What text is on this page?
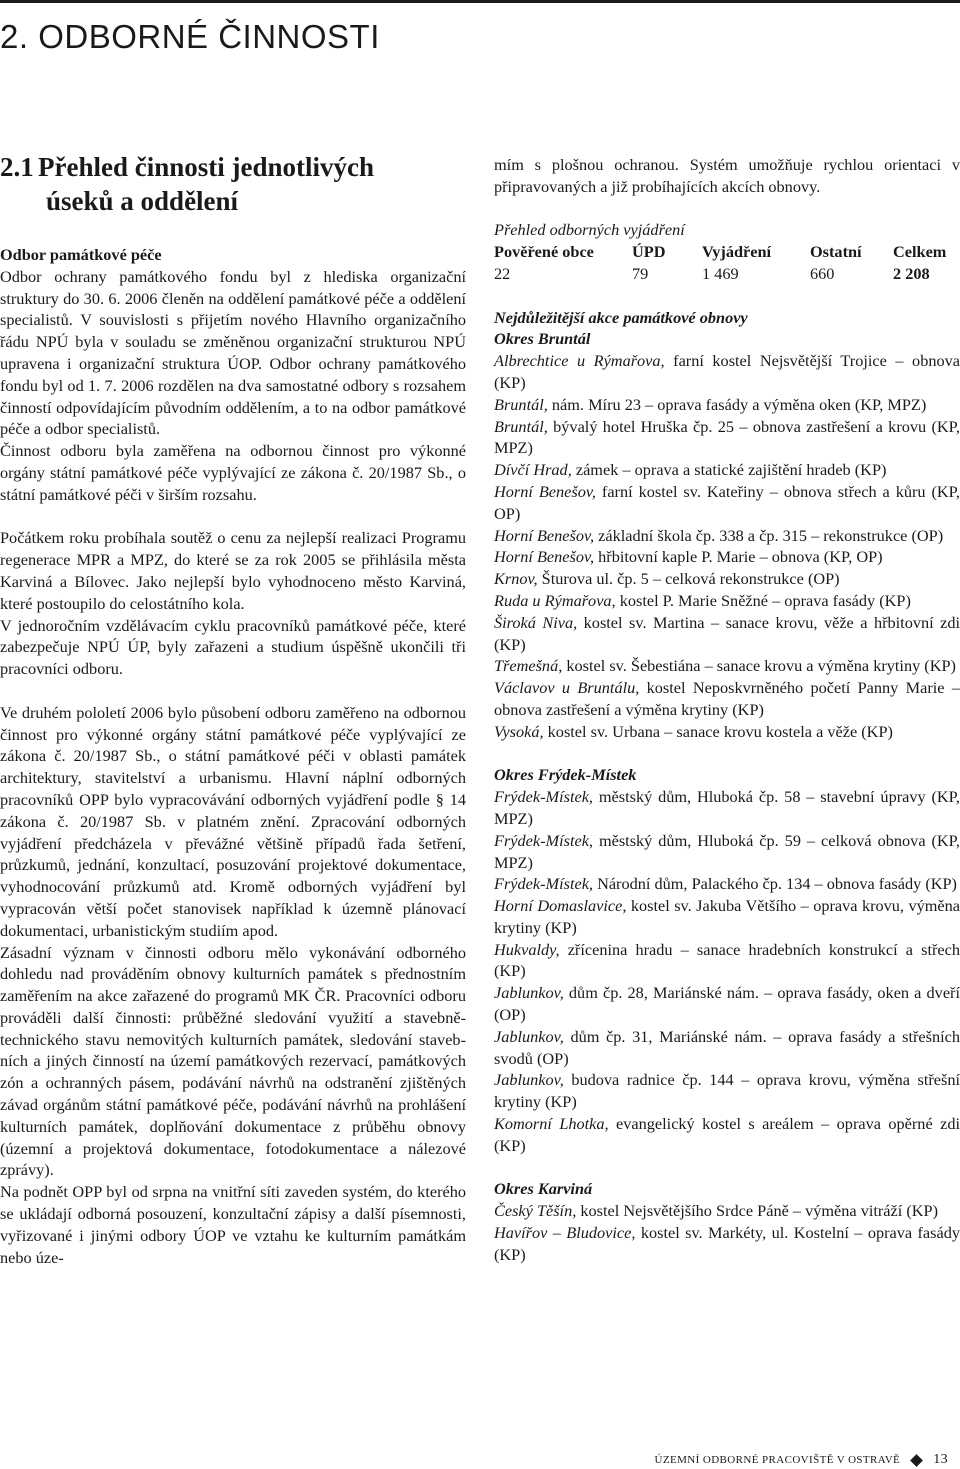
2. ODBORNÉ ČINNOSTI
2.1 Přehled činnosti jednotlivých
úseků a oddělení

Odbor památkové péče

Odbor ochrany památkového fondu byl z hlediska organizační struktury do 30. 6. 2006 členěn na oddělení památkové péče a oddělení specialistů. V souvislosti s přijetím nového Hlavního organizačního řádu NPÚ byla v souladu se změněnou organizační strukturou NPÚ upravena i organizační struktura ÚOP. Odbor ochrany památkového fondu byl od 1. 7. 2006 rozdělen na dva samostatné odbory s rozsahem činností odpovídajícím původním oddělením, a to na odbor památkové péče a odbor specialistů.

Činnost odboru byla zaměřena na odbornou činnost pro výkonné orgány státní památkové péče vyplývající ze zákona č. 20/1987 Sb., o státní památkové péči v širším rozsahu.

Počátkem roku probíhala soutěž o cenu za nejlepší realizaci Programu regenerace MPR a MPZ, do které se za rok 2005 se přihlásila města Karviná a Bílovec. Jako nejlepší bylo vyhodnoceno město Karviná, které postoupilo do celostátního kola.

V jednoročním vzdělávacím cyklu pracovníků památkové péče, které zabezpečuje NPÚ ÚP, byly zařazeni a studium úspěšně ukončili tři pracovníci odboru.

Ve druhém pololetí 2006 bylo působení odboru zaměřeno na odbornou činnost pro výkonné orgány státní památkové péče vyplývající ze zákona č. 20/1987 Sb., o státní památkové péči v oblasti památek architektury, stavitelství a urbanismu. Hlavní náplní odborných pracovníků OPP bylo vypracovávání odborných vyjádření podle § 14 zákona č. 20/1987 Sb. v platném znění. Zpracování odborných vyjádření předcházela v převážné většině případů řada šetření, průzkumů, jednání, konzultací, posuzování projektové dokumentace, vyhodnocování průzkumů atd. Kromě odborných vyjádření byl vypracován větší počet stanovisek například k územně plánovací dokumentaci, urbanistickým studiím apod.

Zásadní význam v činnosti odboru mělo vykonávání odborného dohledu nad prováděním obnovy kulturních památek s přednostním zaměřením na akce zařazené do programů MK ČR. Pracovníci odboru prováděli další činnosti: průběžné sledování využití a stavebně-technického stavu nemovitých kulturních památek, sledování stavebních a jiných činností na území památkových rezervací, památkových zón a ochranných pásem, podávání návrhů na odstranění zjištěných závad orgánům státní památkové péče, podávání návrhů na prohlášení kulturních památek, doplňování dokumentace z průběhu obnovy (územní a projektová dokumentace, fotodokumentace a nálezové zprávy).

Na podnět OPP byl od srpna na vnitřní síti zaveden systém, do kterého se ukládají odborná posouzení, konzultační zápisy a další písemnosti, vyřizované i jinými odbory ÚOP ve vztahu ke kulturním památkám nebo úze-

mím s plošnou ochranou. Systém umožňuje rychlou orientaci v připravovaných a již probíhajících akcích obnovy.

Přehled odborných vyjádření
Pověřené obce	ÚPD	Vyjádření	Ostatní	Celkem
22	79	1 469	660	2 208
Nejdůležitější akce památkové obnovy
Okres Bruntál
Albrechtice u Rýmařova, farní kostel Nejsvětější Trojice – obnova (KP)
Bruntál, nám. Míru 23 – oprava fasády a výměna oken (KP, MPZ)
Bruntál, bývalý hotel Hruška čp. 25 – obnova zastřešení a krovu (KP, MPZ)
Dívčí Hrad, zámek – oprava a statické zajištění hradeb (KP)
Horní Benešov, farní kostel sv. Kateřiny – obnova střech a kůru (KP, OP)
Horní Benešov, základní škola čp. 338 a čp. 315 – rekonstrukce (OP)
Horní Benešov, hřbitovní kaple P. Marie – obnova (KP, OP)
Krnov, Šturova ul. čp. 5 – celková rekonstrukce (OP)
Ruda u Rýmařova, kostel P. Marie Sněžné – oprava fasády (KP)
Široká Niva, kostel sv. Martina – sanace krovu, věže a hřbitovní zdi (KP)
Třemešná, kostel sv. Šebestiána – sanace krovu a výměna krytiny (KP)
Václavov u Bruntálu, kostel Neposkvrněného početí Panny Marie – obnova zastřešení a výměna krytiny (KP)
Vysoká, kostel sv. Urbana – sanace krovu kostela a věže (KP)
Okres Frýdek-Místek
Frýdek-Místek, městský dům, Hluboká čp. 58 – stavební úpravy (KP, MPZ)
Frýdek-Místek, městský dům, Hluboká čp. 59 – celková obnova (KP, MPZ)
Frýdek-Místek, Národní dům, Palackého čp. 134 – obnova fasády (KP)
Horní Domaslavice, kostel sv. Jakuba Většího – oprava krovu, výměna krytiny (KP)
Hukvaldy, zřícenina hradu – sanace hradebních konstrukcí a střech (KP)
Jablunkov, dům čp. 28, Mariánské nám. – oprava fasády, oken a dveří (OP)
Jablunkov, dům čp. 31, Mariánské nám. – oprava fasády a střešních svodů (OP)
Jablunkov, budova radnice čp. 144 – oprava krovu, výměna střešní krytiny (KP)
Komorní Lhotka, evangelický kostel s areálem – oprava opěrné zdi (KP)
Okres Karviná
Český Těšín, kostel Nejsvětějšího Srdce Páně – výměna vitráží (KP)
Havířov – Bludovice, kostel sv. Markéty, ul. Kostelní – oprava fasády (KP)
ÚZEMNÍ ODBORNÉ PRACOVIŠTĚ V OSTRAVĚ 13
